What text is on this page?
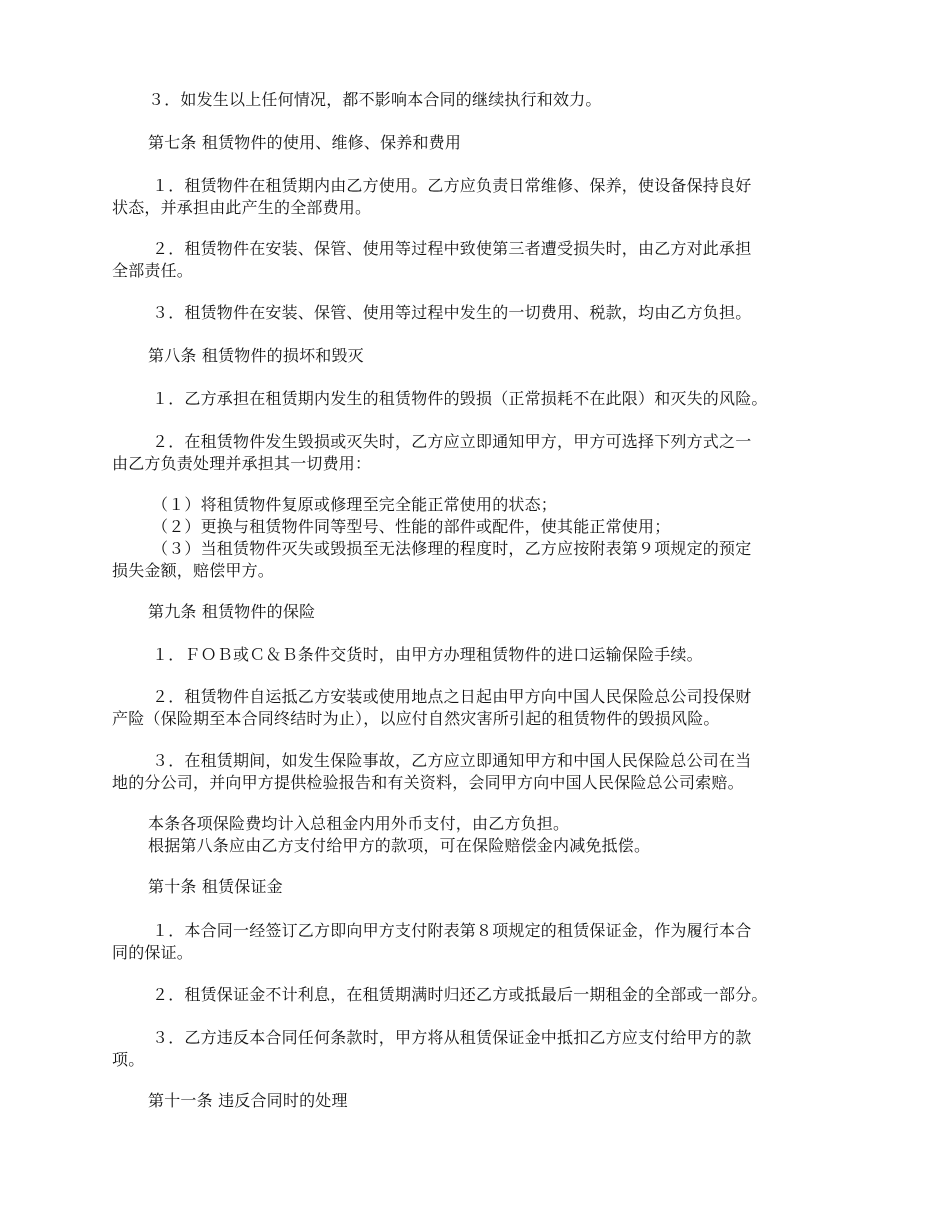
３．如发生以上任何情况，都不影响本合同的继续执行和效力。
第七条 租赁物件的使用、维修、保养和费用
１．租赁物件在租赁期内由乙方使用。乙方应负责日常维修、保养，使设备保持良好
状态，并承担由此产生的全部费用。
２．租赁物件在安装、保管、使用等过程中致使第三者遭受损失时，由乙方对此承担
全部责任。
３．租赁物件在安装、保管、使用等过程中发生的一切费用、税款，均由乙方负担。
第八条 租赁物件的损坏和毁灭
１．乙方承担在租赁期内发生的租赁物件的毁损（正常损耗不在此限）和灭失的风险。
２．在租赁物件发生毁损或灭失时，乙方应立即通知甲方，甲方可选择下列方式之一
由乙方负责处理并承担其一切费用：
（１）将租赁物件复原或修理至完全能正常使用的状态；
（２）更换与租赁物件同等型号、性能的部件或配件，使其能正常使用；
（３）当租赁物件灭失或毁损至无法修理的程度时，乙方应按附表第９项规定的预定
损失金额，赔偿甲方。
第九条 租赁物件的保险
１．ＦＯＢ或Ｃ＆Ｂ条件交货时，由甲方办理租赁物件的进口运输保险手续。
２．租赁物件自运抵乙方安装或使用地点之日起由甲方向中国人民保险总公司投保财
产险（保险期至本合同终结时为止），以应付自然灾害所引起的租赁物件的毁损风险。
３．在租赁期间，如发生保险事故，乙方应立即通知甲方和中国人民保险总公司在当
地的分公司，并向甲方提供检验报告和有关资料，会同甲方向中国人民保险总公司索赔。
本条各项保险费均计入总租金内用外币支付，由乙方负担。
根据第八条应由乙方支付给甲方的款项，可在保险赔偿金内减免抵偿。
第十条 租赁保证金
１．本合同一经签订乙方即向甲方支付附表第８项规定的租赁保证金，作为履行本合
同的保证。
２．租赁保证金不计利息，在租赁期满时归还乙方或抵最后一期租金的全部或一部分。
３．乙方违反本合同任何条款时，甲方将从租赁保证金中抵扣乙方应支付给甲方的款
项。
第十一条 违反合同时的处理
